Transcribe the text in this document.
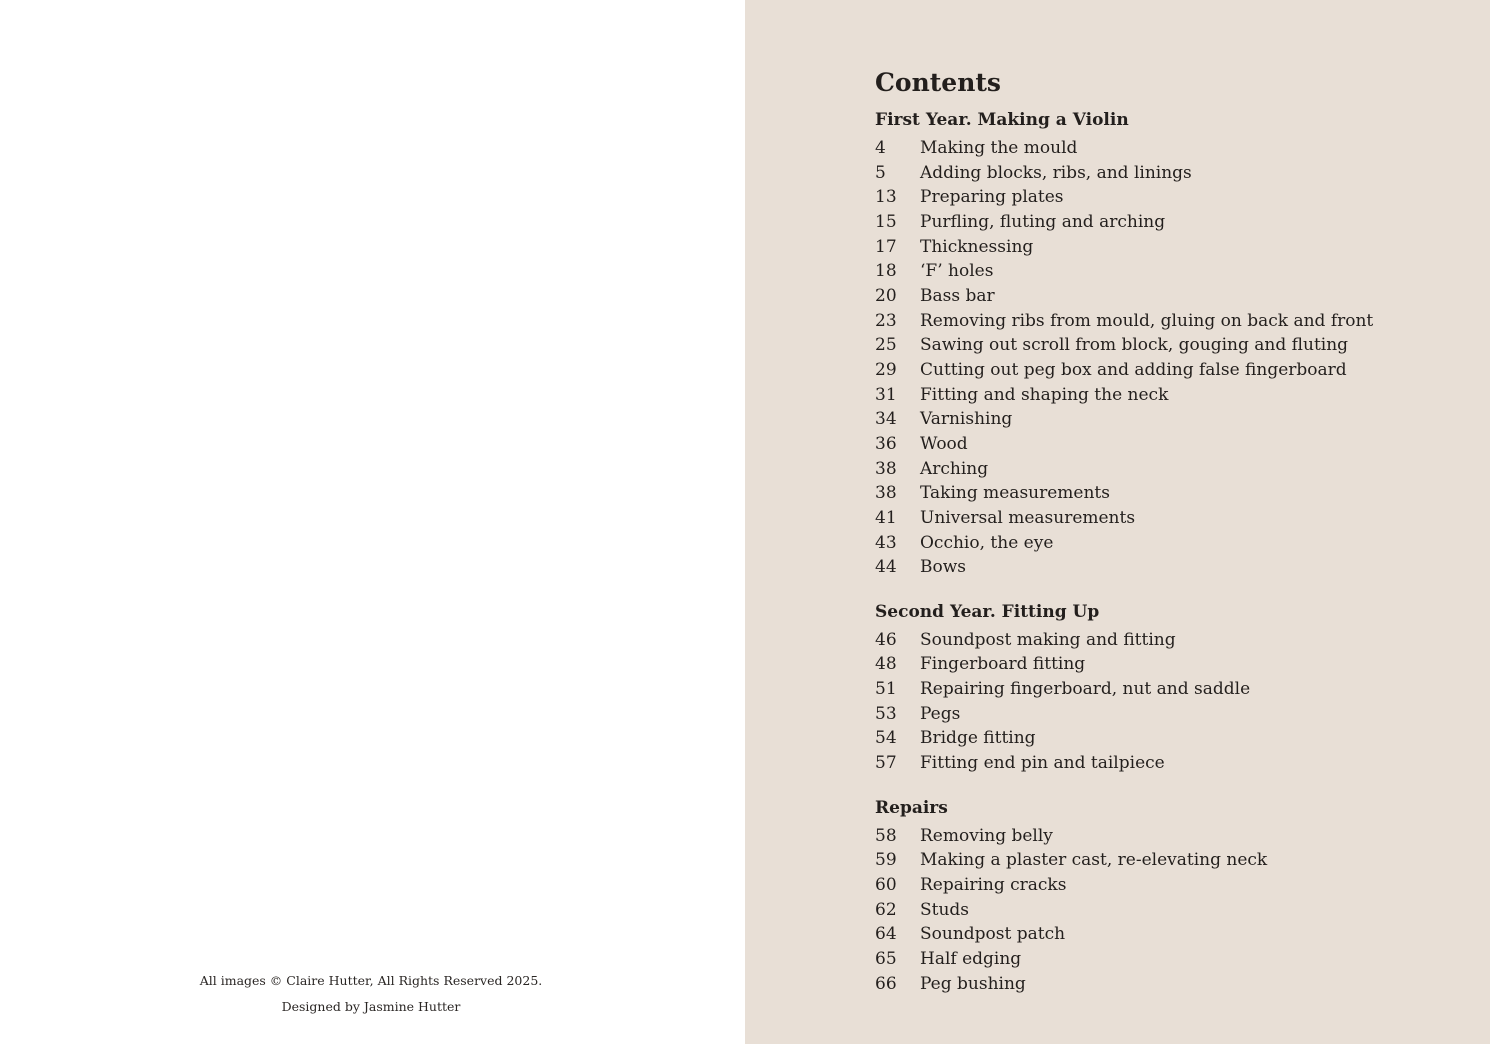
All images © Claire Hutter, All Rights Reserved 2025.
Designed by Jasmine Hutter
Contents
First Year. Making a Violin
4	Making the mould
5	Adding blocks, ribs, and linings
13	Preparing plates
15	Purfling, fluting and arching
17	Thicknessing
18	‘F’ holes
20	Bass bar
23	Removing ribs from mould, gluing on back and front
25	Sawing out scroll from block, gouging and fluting
29	Cutting out peg box and adding false fingerboard
31	Fitting and shaping the neck
34	Varnishing
36	Wood
38	Arching
38	Taking measurements
41	Universal measurements
43	Occhio, the eye
44	Bows
Second Year. Fitting Up
46	Soundpost making and fitting
48	Fingerboard fitting
51	Repairing fingerboard, nut and saddle
53	Pegs
54	Bridge fitting
57	Fitting end pin and tailpiece
Repairs
58	Removing belly
59	Making a plaster cast, re-elevating neck
60	Repairing cracks
62	Studs
64	Soundpost patch
65	Half edging
66	Peg bushing
